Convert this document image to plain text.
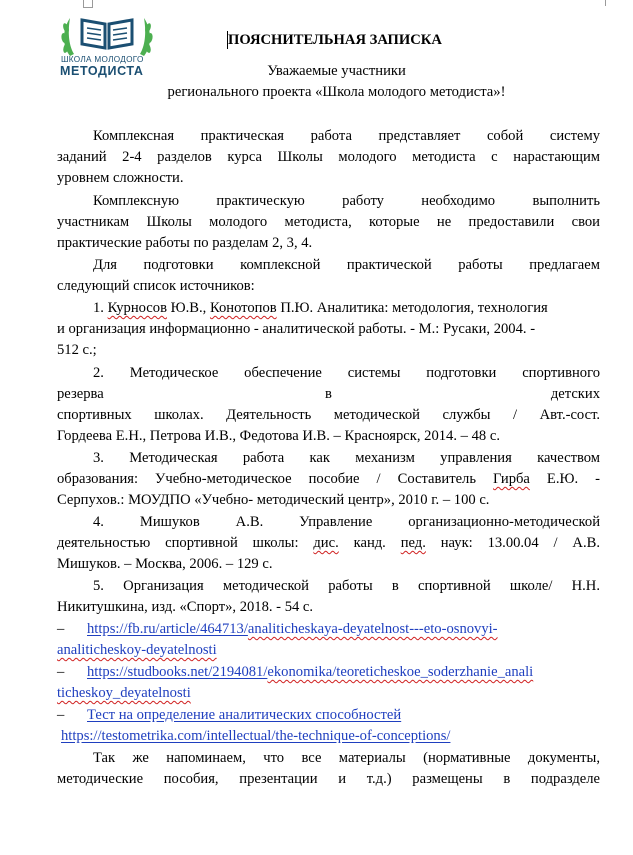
ШКОЛА МОЛОДОГО
МЕТОДИСТА
ПОЯСНИТЕЛЬНАЯ ЗАПИСКА
Уважаемые участники
регионального проекта «Школа молодого методиста»!
Комплексная практическая работа представляет собой систему
заданий 2-4 разделов курса Школы молодого методиста с нарастающим
уровнем сложности.
Комплексную практическую работу необходимо выполнить
участникам Школы молодого методиста, которые не предоставили свои
практические работы по разделам 2, 3, 4.
Для подготовки комплексной практической работы предлагаем
следующий список источников:
1. Курносов Ю.В., Конотопов П.Ю. Аналитика: методология, технология
и организация информационно - аналитической работы. - М.: Русаки, 2004. -
512 с.;
2. Методическое обеспечение системы подготовки спортивного
резерва	в	детских
спортивных школах. Деятельность методической службы / Авт.-сост.
Гордеева Е.Н., Петрова И.В., Федотова И.В. – Красноярск, 2014. – 48 с.
3. Методическая работа как механизм управления качеством
образования: Учебно-методическое пособие / Составитель Гирба Е.Ю. -
Серпухов.: МОУДПО «Учебно- методический центр», 2010 г. – 100 с.
4. Мишуков А.В. Управление организационно-методической
деятельностью спортивной школы: дис. канд. пед. наук: 13.00.04 / А.В.
Мишуков. – Москва, 2006. – 129 с.
5. Организация методической работы в спортивной школе/ Н.Н.
Никитушкина, изд. «Спорт», 2018. - 54 с.
– https://fb.ru/article/464713/analiticheskaya-deyatelnost---eto-osnovyi-
analiticheskoy-deyatelnosti
– https://studbooks.net/2194081/ekonomika/teoreticheskoe_soderzhanie_anali
ticheskoy_deyatelnosti
– Тест на определение аналитических способностей
https://testometrika.com/intellectual/the-technique-of-conceptions/
Так же напоминаем, что все материалы (нормативные документы,
методические пособия, презентации и т.д.) размещены в подразделе
